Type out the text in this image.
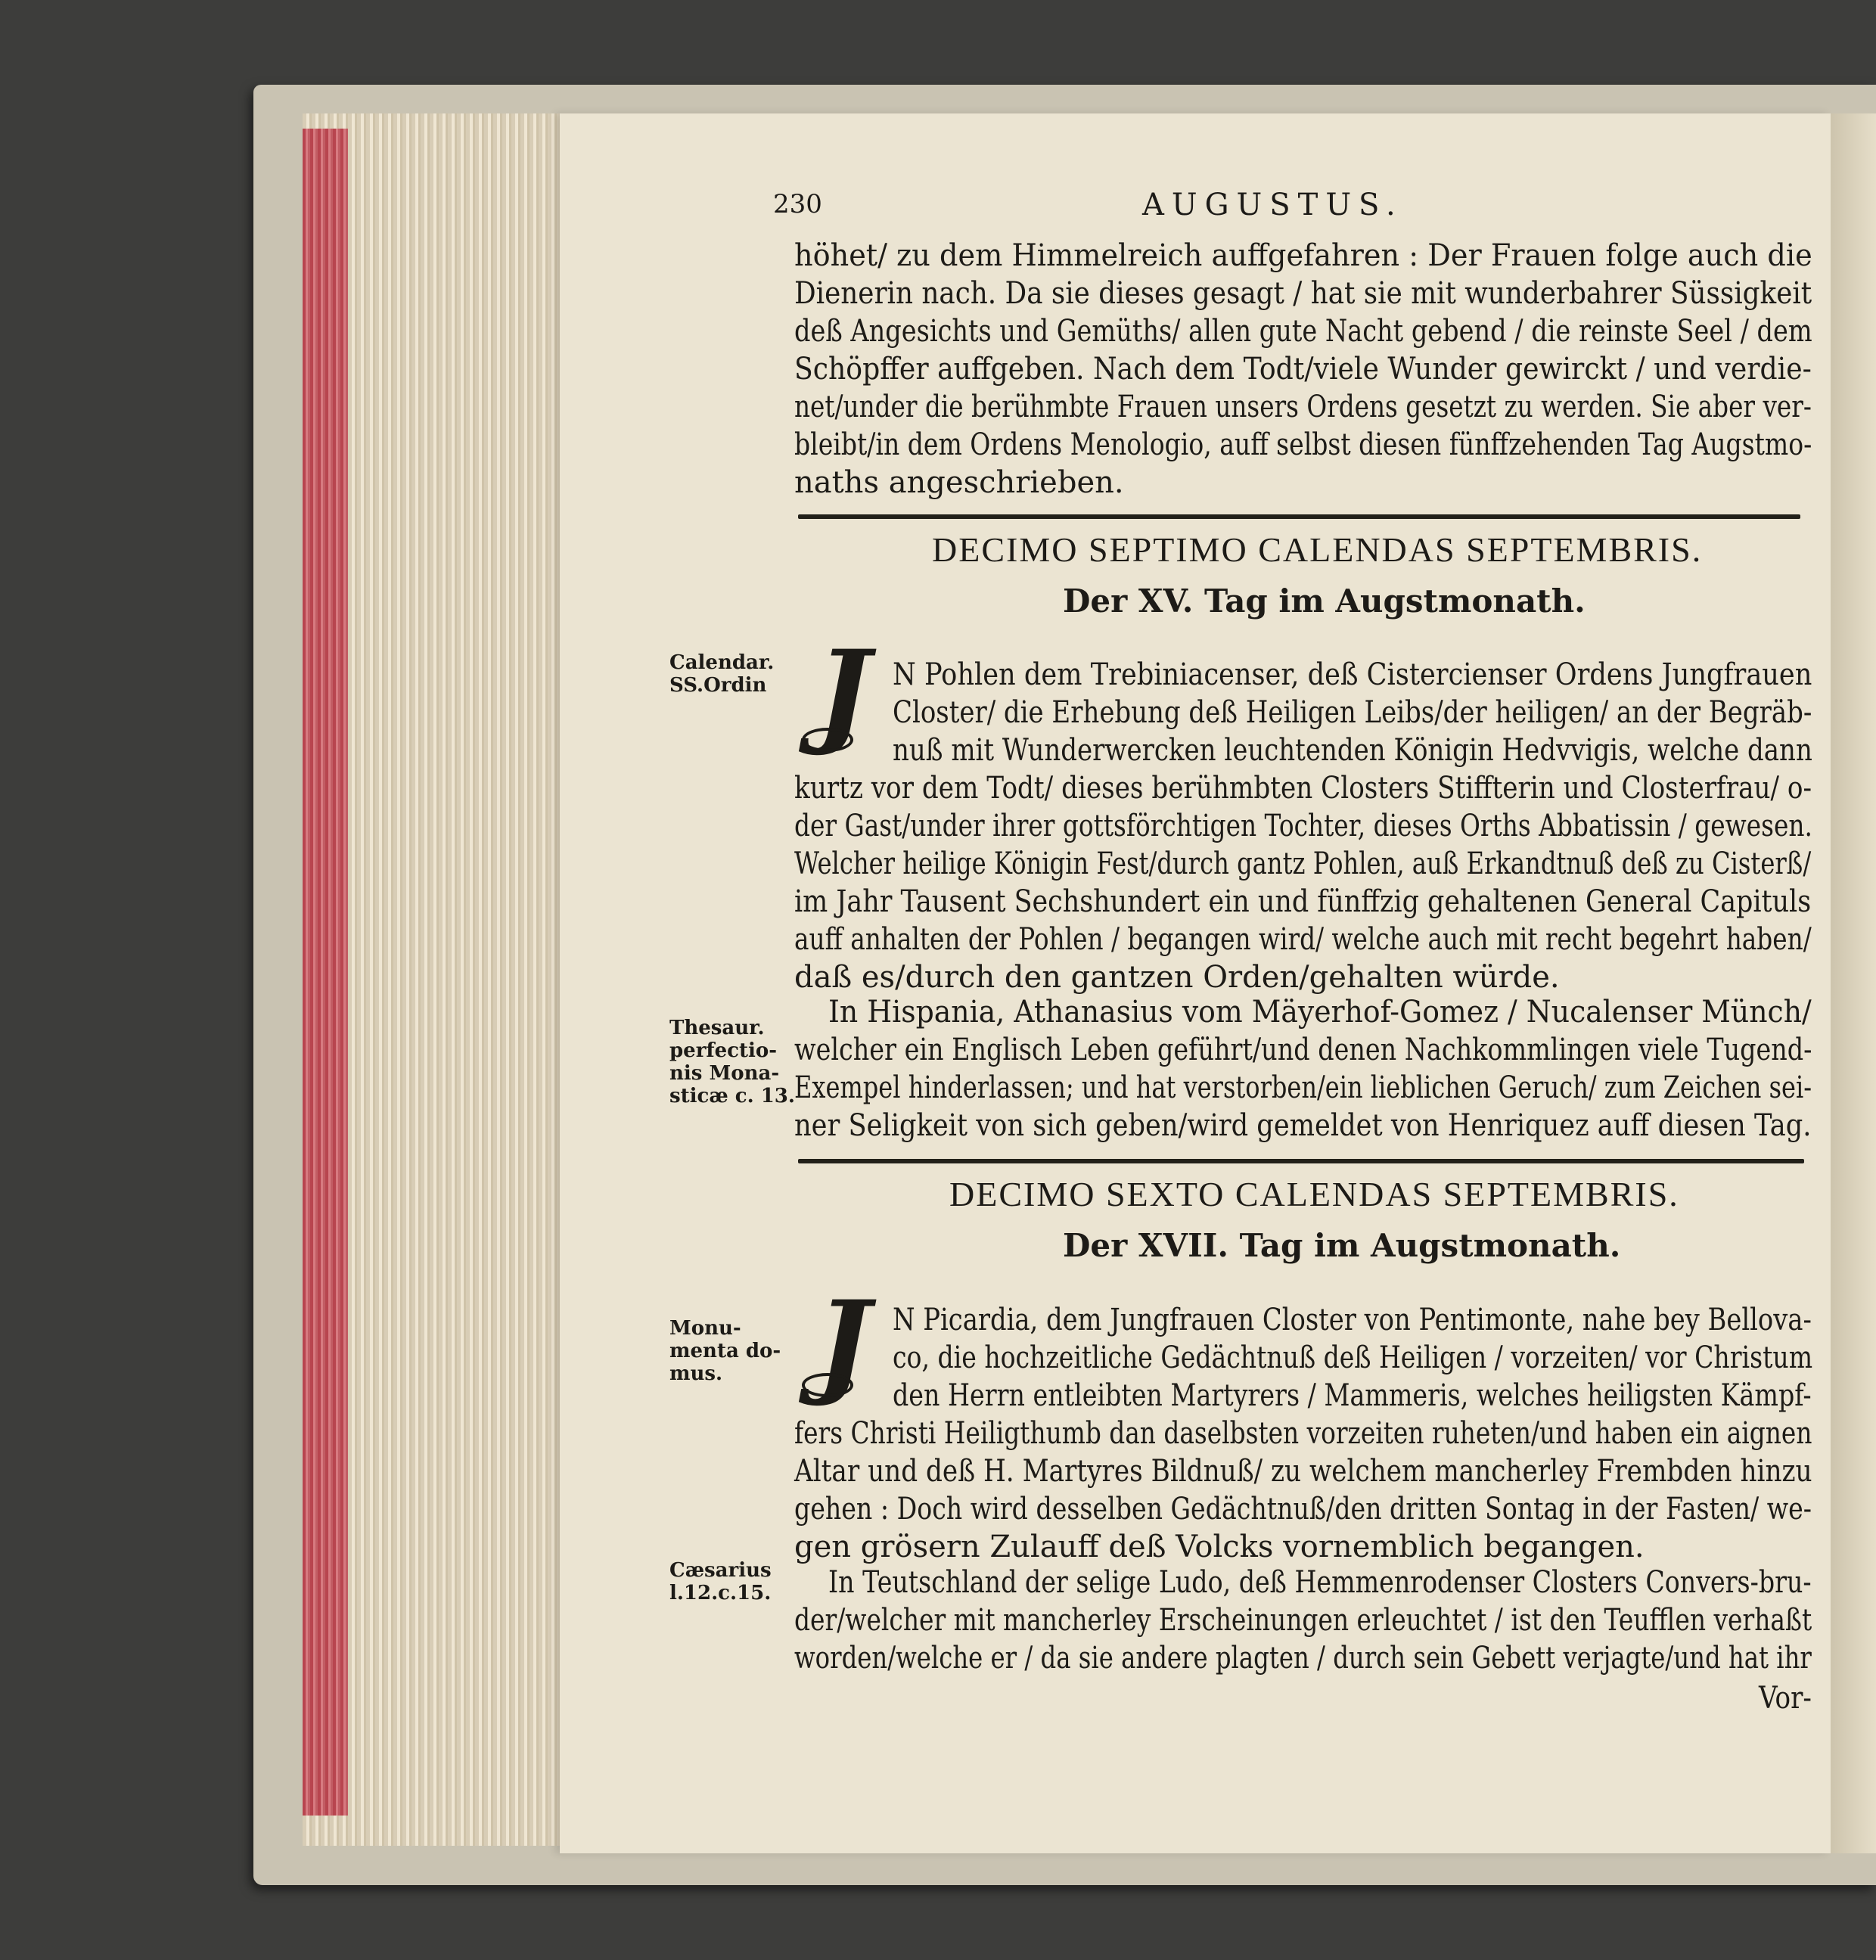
230	AUGUSTUS.
höhet/ zu dem Himmelreich auffgefahren : Der Frauen folge auch die
Dienerin nach. Da sie dieses gesagt / hat sie mit wunderbahrer Süssigkeit
deß Angesichts und Gemüths/ allen gute Nacht gebend / die reinste Seel / dem
Schöpffer auffgeben. Nach dem Todt/viele Wunder gewirckt / und verdie-
net/under die berühmbte Frauen unsers Ordens gesetzt zu werden. Sie aber ver-
bleibt/in dem Ordens Menologio, auff selbst diesen fünffzehenden Tag Augstmo-
naths angeschrieben.
DECIMO SEPTIMO CALENDAS SEPTEMBRIS.
Der XV. Tag im Augstmonath.
Calendar.
SS.Ordin J N Pohlen dem Trebiniacenser, deß Cistercienser Ordens Jungfrauen
Closter/ die Erhebung deß Heiligen Leibs/der heiligen/ an der Begräb-
nuß mit Wunderwercken leuchtenden Königin Hedvvigis, welche dann
kurtz vor dem Todt/ dieses berühmbten Closters Stiffterin und Closterfrau/ o-
der Gast/under ihrer gottsförchtigen Tochter, dieses Orths Abbatissin / gewesen.
Welcher heilige Königin Fest/durch gantz Pohlen, auß Erkandtnuß deß zu Cisterß/
im Jahr Tausent Sechshundert ein und fünffzig gehaltenen General Capituls
auff anhalten der Pohlen / begangen wird/ welche auch mit recht begehrt haben/
daß es/durch den gantzen Orden/gehalten würde.
Thesaur.
perfectio-
nis Mona-
sticæ c. 13.
In Hispania, Athanasius vom Mäyerhof-Gomez / Nucalenser Münch/
welcher ein Englisch Leben geführt/und denen Nachkommlingen viele Tugend-
Exempel hinderlassen; und hat verstorben/ein lieblichen Geruch/ zum Zeichen sei-
ner Seligkeit von sich geben/wird gemeldet von Henriquez auff diesen Tag.
DECIMO SEXTO CALENDAS SEPTEMBRIS.
Der XVII. Tag im Augstmonath.
Monu-
menta do-
mus. J N Picardia, dem Jungfrauen Closter von Pentimonte, nahe bey Bellova-
co, die hochzeitliche Gedächtnuß deß Heiligen / vorzeiten/ vor Christum
den Herrn entleibten Martyrers / Mammeris, welches heiligsten Kämpf-
fers Christi Heiligthumb dan daselbsten vorzeiten ruheten/und haben ein aignen
Altar und deß H. Martyres Bildnuß/ zu welchem mancherley Frembden hinzu
gehen : Doch wird desselben Gedächtnuß/den dritten Sontag in der Fasten/ we-
gen grösern Zulauff deß Volcks vornemblich begangen.
Cæsarius
l.12.c.15. In Teutschland der selige Ludo, deß Hemmenrodenser Closters Convers-bru-
der/welcher mit mancherley Erscheinungen erleuchtet / ist den Teufflen verhaßt
worden/welche er / da sie andere plagten / durch sein Gebett verjagte/und hat ihr
Vor-
